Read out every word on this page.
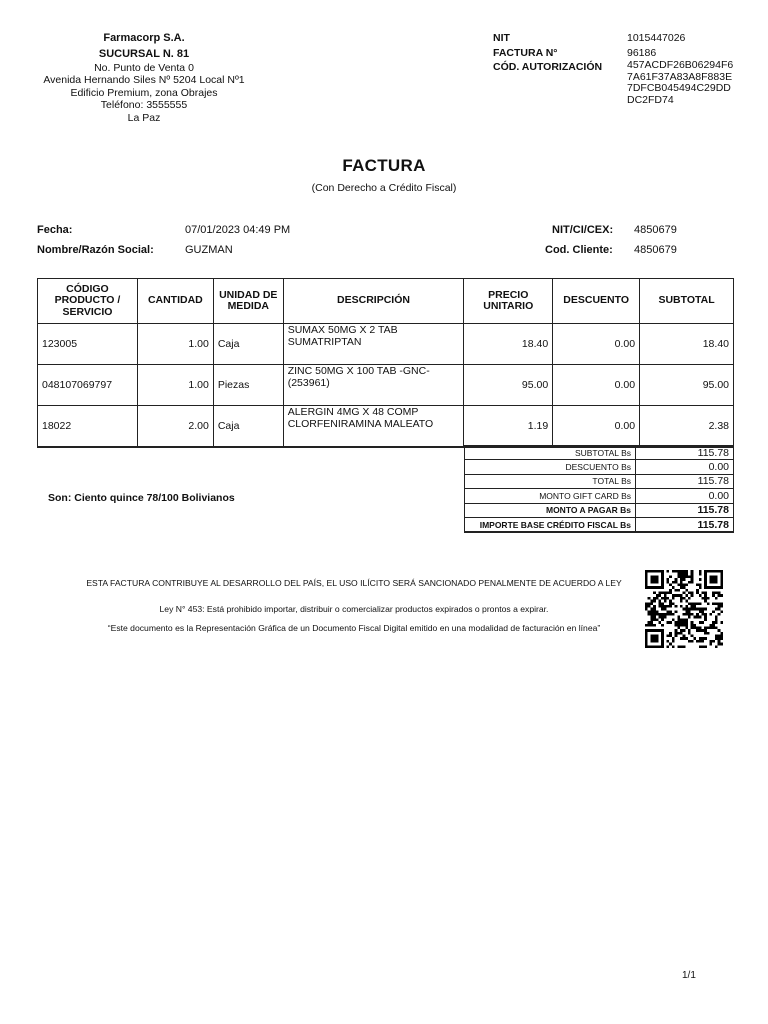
Farmacorp S.A.
SUCURSAL N. 81
No. Punto de Venta 0
Avenida Hernando Siles Nº 5204 Local Nº1
Edificio Premium, zona Obrajes
Teléfono: 3555555
La Paz
NIT	1015447026
FACTURA N°	96186
CÓD. AUTORIZACIÓN 457ACDF26B06294F67A61F37A83A8F883E7DFCB045494C29DDDC2FD74
FACTURA
(Con Derecho a Crédito Fiscal)
Fecha:	07/01/2023 04:49 PM
Nombre/Razón Social:	GUZMAN
NIT/CI/CEX: 4850679
Cod. Cliente: 4850679
CÓDIGO PRODUCTO / SERVICIO	CANTIDAD	UNIDAD DE MEDIDA	DESCRIPCIÓN	PRECIO UNITARIO	DESCUENTO	SUBTOTAL
123005	1.00	Caja	SUMAX 50MG X 2 TAB SUMATRIPTAN	18.40	0.00	18.40
048107069797	1.00	Piezas	ZINC 50MG X 100 TAB -GNC-(253961)	95.00	0.00	95.00
18022	2.00	Caja	ALERGIN 4MG X 48 COMP CLORFENIRAMINA MALEATO	1.19	0.00	2.38
SUBTOTAL Bs	115.78
DESCUENTO Bs	0.00
TOTAL Bs	115.78
MONTO GIFT CARD Bs	0.00
MONTO A PAGAR Bs	115.78
IMPORTE BASE CRÉDITO FISCAL Bs	115.78
Son: Ciento quince 78/100 Bolivianos
ESTA FACTURA CONTRIBUYE AL DESARROLLO DEL PAÍS, EL USO ILÍCITO SERÁ SANCIONADO PENALMENTE DE ACUERDO A LEY
Ley N° 453: Está prohibido importar, distribuir o comercializar productos expirados o prontos a expirar.
“Este documento es la Representación Gráfica de un Documento Fiscal Digital emitido en una modalidad de facturación en línea”
1/1
